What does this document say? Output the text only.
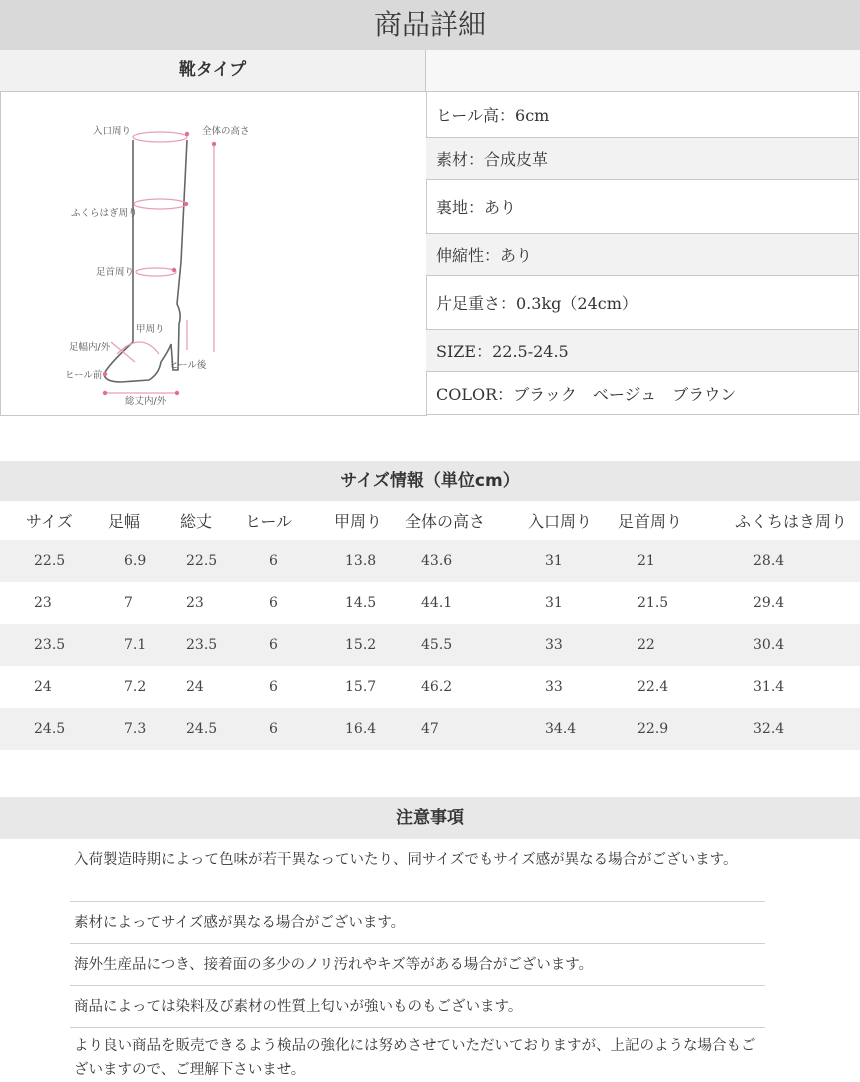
商品詳細
靴タイプ
入口周り	全体の高さ
ふくらはぎ周り
足首周り
甲周り
足幅内/外
ヒール後
ヒール前
総丈内/外
ヒール高：6cm
素材：合成皮革
裏地：あり
伸縮性：あり
片足重さ：0.3kg（24cm）
SIZE：22.5-24.5
COLOR：ブラック　ベージュ　ブラウン
サイズ情報（単位cm）
サイズ	足幅	総丈	ヒール	甲周り	全体の高さ	入口周り	足首周り	ふくちはき周り
22.5	6.9	22.5	6	13.8	43.6	31	21	28.4
23	7	23	6	14.5	44.1	31	21.5	29.4
23.5	7.1	23.5	6	15.2	45.5	33	22	30.4
24	7.2	24	6	15.7	46.2	33	22.4	31.4
24.5	7.3	24.5	6	16.4	47	34.4	22.9	32.4
注意事項
入荷製造時期によって色味が若干異なっていたり、同サイズでもサイズ感が異なる場合がございます。
素材によってサイズ感が異なる場合がございます。
海外生産品につき、接着面の多少のノリ汚れやキズ等がある場合がございます。
商品によっては染料及び素材の性質上匂いが強いものもございます。
より良い商品を販売できるよう検品の強化には努めさせていただいておりますが、上記のような場合もございますので、ご理解下さいませ。
